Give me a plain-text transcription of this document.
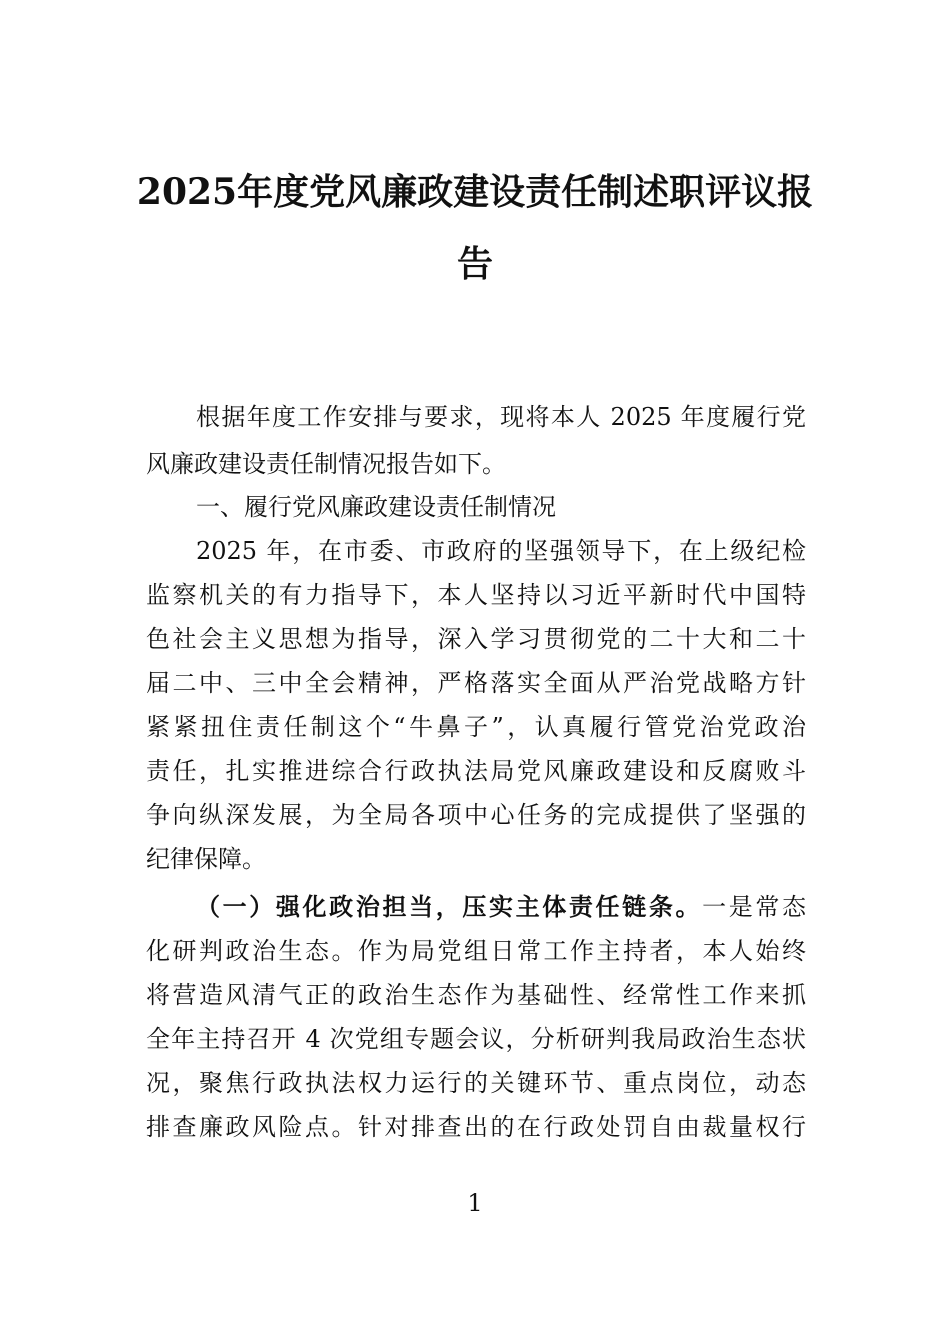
2025年度党风廉政建设责任制述职评议报
告

根据年度工作安排与要求，现将本人 2025 年度履行党

风廉政建设责任制情况报告如下。

一、履行党风廉政建设责任制情况

2025 年，在市委、市政府的坚强领导下，在上级纪检

监察机关的有力指导下，本人坚持以习近平新时代中国特

色社会主义思想为指导，深入学习贯彻党的二十大和二十

届二中、三中全会精神，严格落实全面从严治党战略方针

紧紧扭住责任制这个“牛鼻子”，认真履行管党治党政治

责任，扎实推进综合行政执法局党风廉政建设和反腐败斗

争向纵深发展，为全局各项中心任务的完成提供了坚强的

纪律保障。

（一）强化政治担当，压实主体责任链条。一是常态

化研判政治生态。作为局党组日常工作主持者，本人始终

将营造风清气正的政治生态作为基础性、经常性工作来抓

全年主持召开 4 次党组专题会议，分析研判我局政治生态状

况，聚焦行政执法权力运行的关键环节、重点岗位，动态

排查廉政风险点。针对排查出的在行政处罚自由裁量权行

1
